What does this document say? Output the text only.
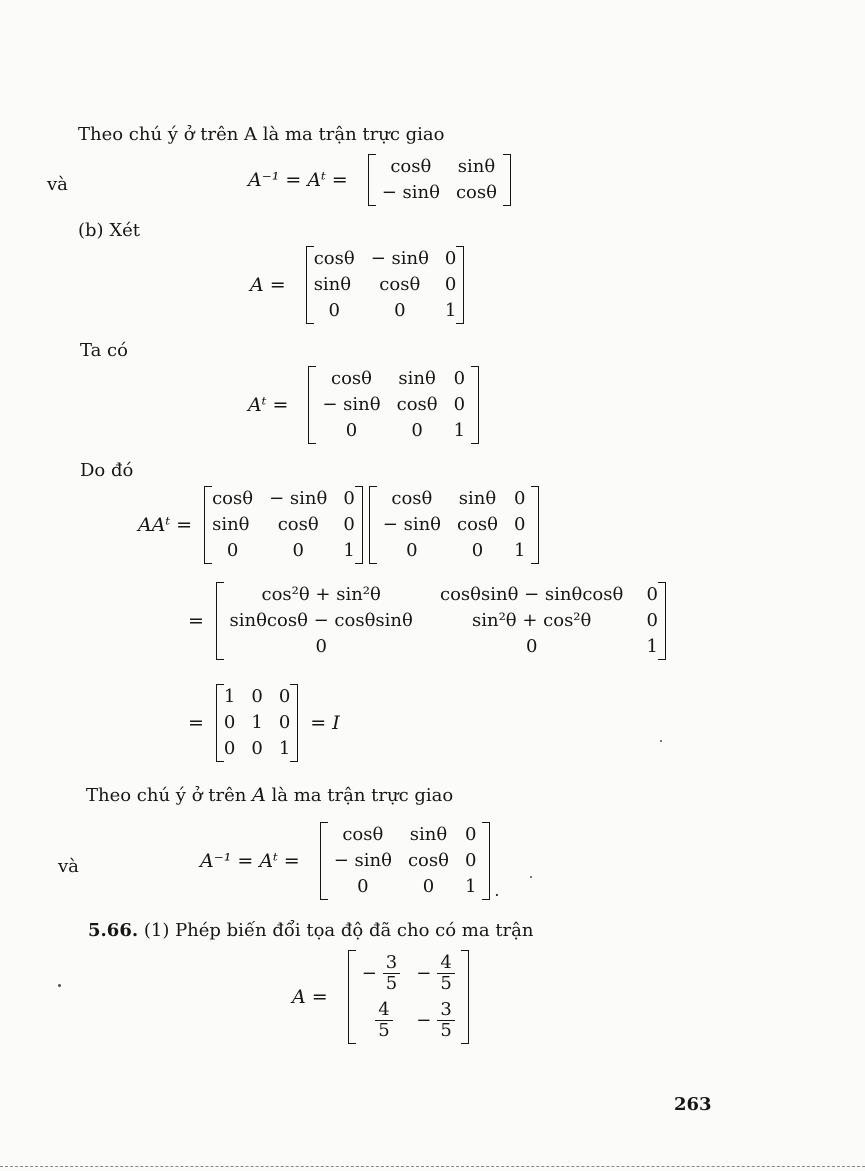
Theo chú ý ở trên A là ma trận trực giao
và	A⁻¹ = Aᵗ =
cosθ	sinθ
− sinθ	cosθ
(b) Xét
A =
cosθ	− sinθ	0
sinθ	cosθ	0
0	0	1
Ta có
Aᵗ =
cosθ	sinθ	0
− sinθ	cosθ	0
0	0	1
Do đó
AAᵗ =
cosθ	− sinθ	0
sinθ	cosθ	0
0	0	1
cosθ	sinθ	0
− sinθ	cosθ	0
0	0	1
=
cos²θ + sin²θ	cosθsinθ − sinθcosθ	0
sinθcosθ − cosθsinθ	sin²θ + cos²θ	0
0	0	1
=
1	0	0
0	1	0
0	0	1
= I
Theo chú ý ở trên A là ma trận trực giao
và	A⁻¹ = Aᵗ =
cosθ	sinθ	0
− sinθ	cosθ	0
0	0	1 .
5.66. (1) Phép biến đổi tọa độ đã cho có ma trận
A =
− $\frac{3}{5}$	− $\frac{4}{5}$

$\frac{4}{5}$	− $\frac{3}{5}$
263
